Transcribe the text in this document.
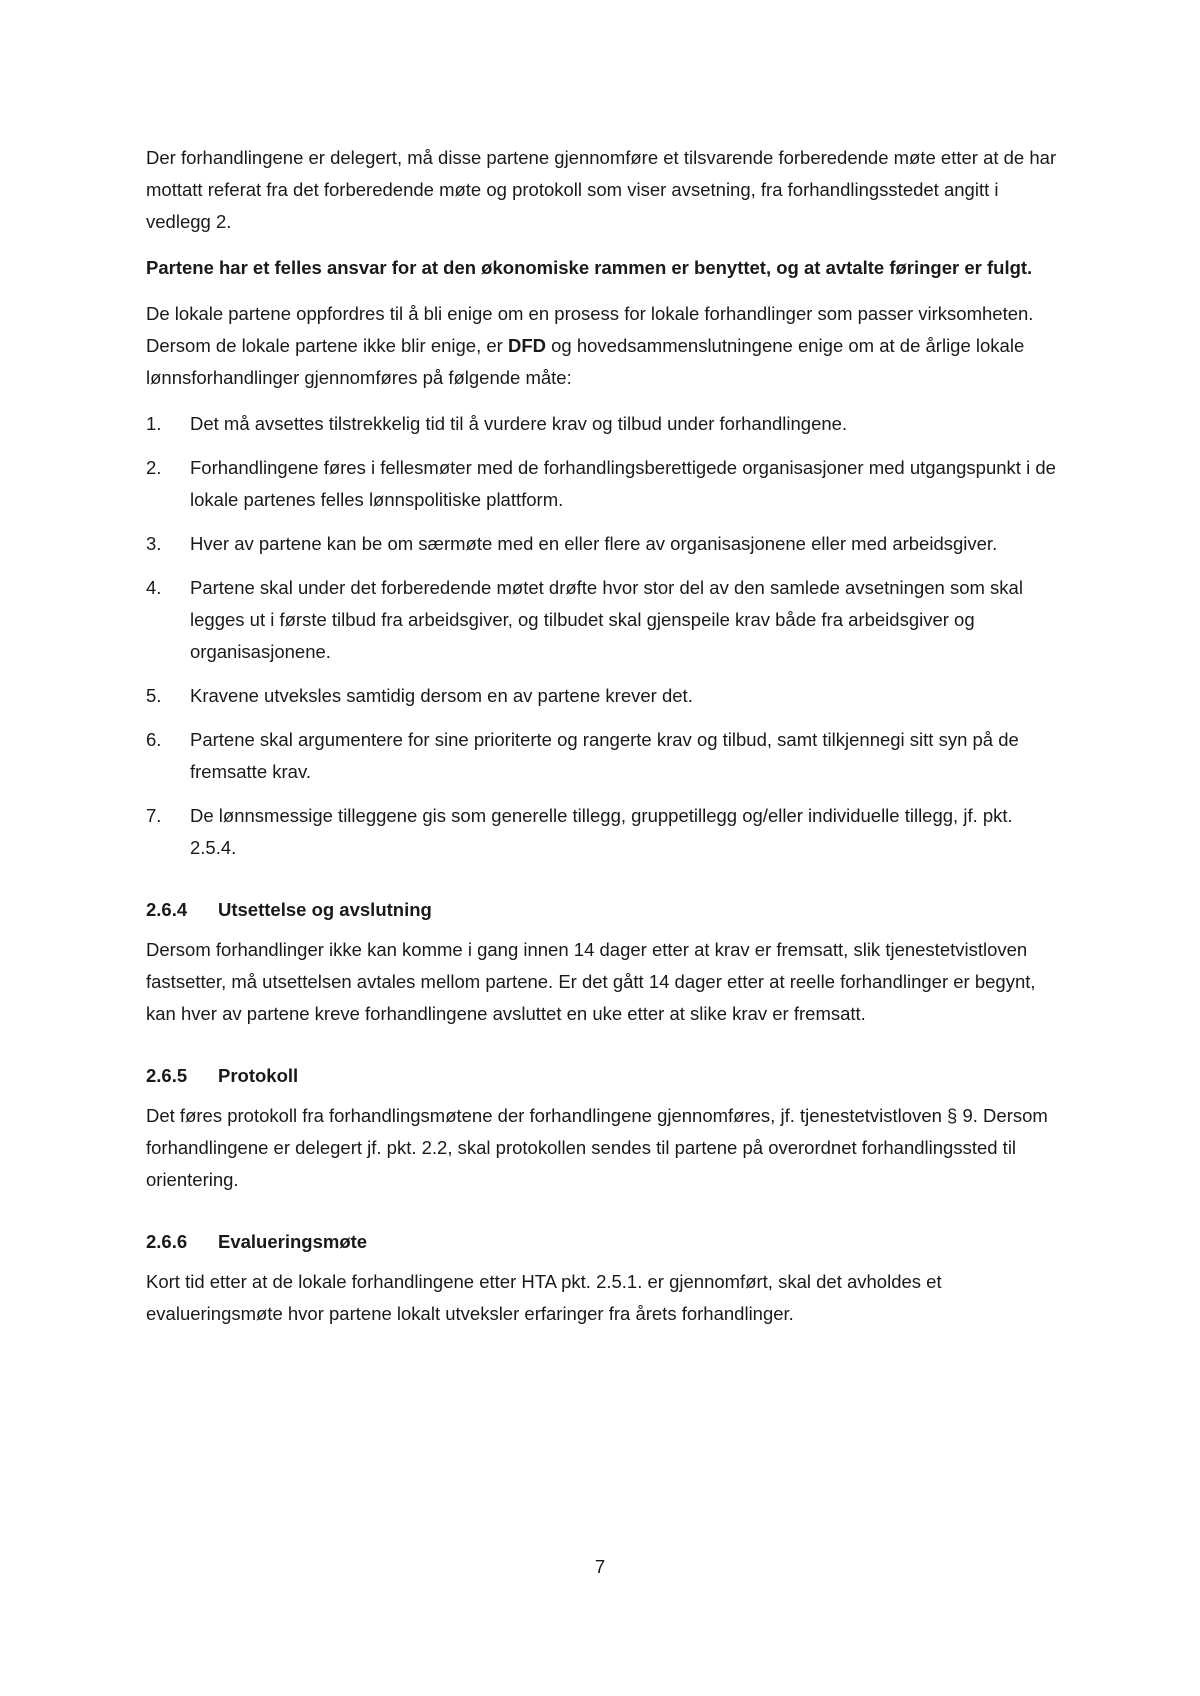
Der forhandlingene er delegert, må disse partene gjennomføre et tilsvarende forberedende møte etter at de har mottatt referat fra det forberedende møte og protokoll som viser avsetning, fra forhandlingsstedet angitt i vedlegg 2.

Partene har et felles ansvar for at den økonomiske rammen er benyttet, og at avtalte føringer er fulgt.

De lokale partene oppfordres til å bli enige om en prosess for lokale forhandlinger som passer virksomheten. Dersom de lokale partene ikke blir enige, er DFD og hovedsammenslutningene enige om at de årlige lokale lønnsforhandlinger gjennomføres på følgende måte:

1.	Det må avsettes tilstrekkelig tid til å vurdere krav og tilbud under forhandlingene.
2.	Forhandlingene føres i fellesmøter med de forhandlingsberettigede organisasjoner med utgangspunkt i de lokale partenes felles lønnspolitiske plattform.
3.	Hver av partene kan be om særmøte med en eller flere av organisasjonene eller med arbeidsgiver.
4.	Partene skal under det forberedende møtet drøfte hvor stor del av den samlede avsetningen som skal legges ut i første tilbud fra arbeidsgiver, og tilbudet skal gjenspeile krav både fra arbeidsgiver og organisasjonene.
5.	Kravene utveksles samtidig dersom en av partene krever det.
6.	Partene skal argumentere for sine prioriterte og rangerte krav og tilbud, samt tilkjennegi sitt syn på de fremsatte krav.
7.	De lønnsmessige tilleggene gis som generelle tillegg, gruppetillegg og/eller individuelle tillegg, jf. pkt. 2.5.4.
2.6.4	Utsettelse og avslutning

Dersom forhandlinger ikke kan komme i gang innen 14 dager etter at krav er fremsatt, slik tjenestetvistloven fastsetter, må utsettelsen avtales mellom partene. Er det gått 14 dager etter at reelle forhandlinger er begynt, kan hver av partene kreve forhandlingene avsluttet en uke etter at slike krav er fremsatt.

2.6.5	Protokoll

Det føres protokoll fra forhandlingsmøtene der forhandlingene gjennomføres, jf. tjenestetvistloven § 9. Dersom forhandlingene er delegert jf. pkt. 2.2, skal protokollen sendes til partene på overordnet forhandlingssted til orientering.

2.6.6	Evalueringsmøte

Kort tid etter at de lokale forhandlingene etter HTA pkt. 2.5.1. er gjennomført, skal det avholdes et evalueringsmøte hvor partene lokalt utveksler erfaringer fra årets forhandlinger.

7
